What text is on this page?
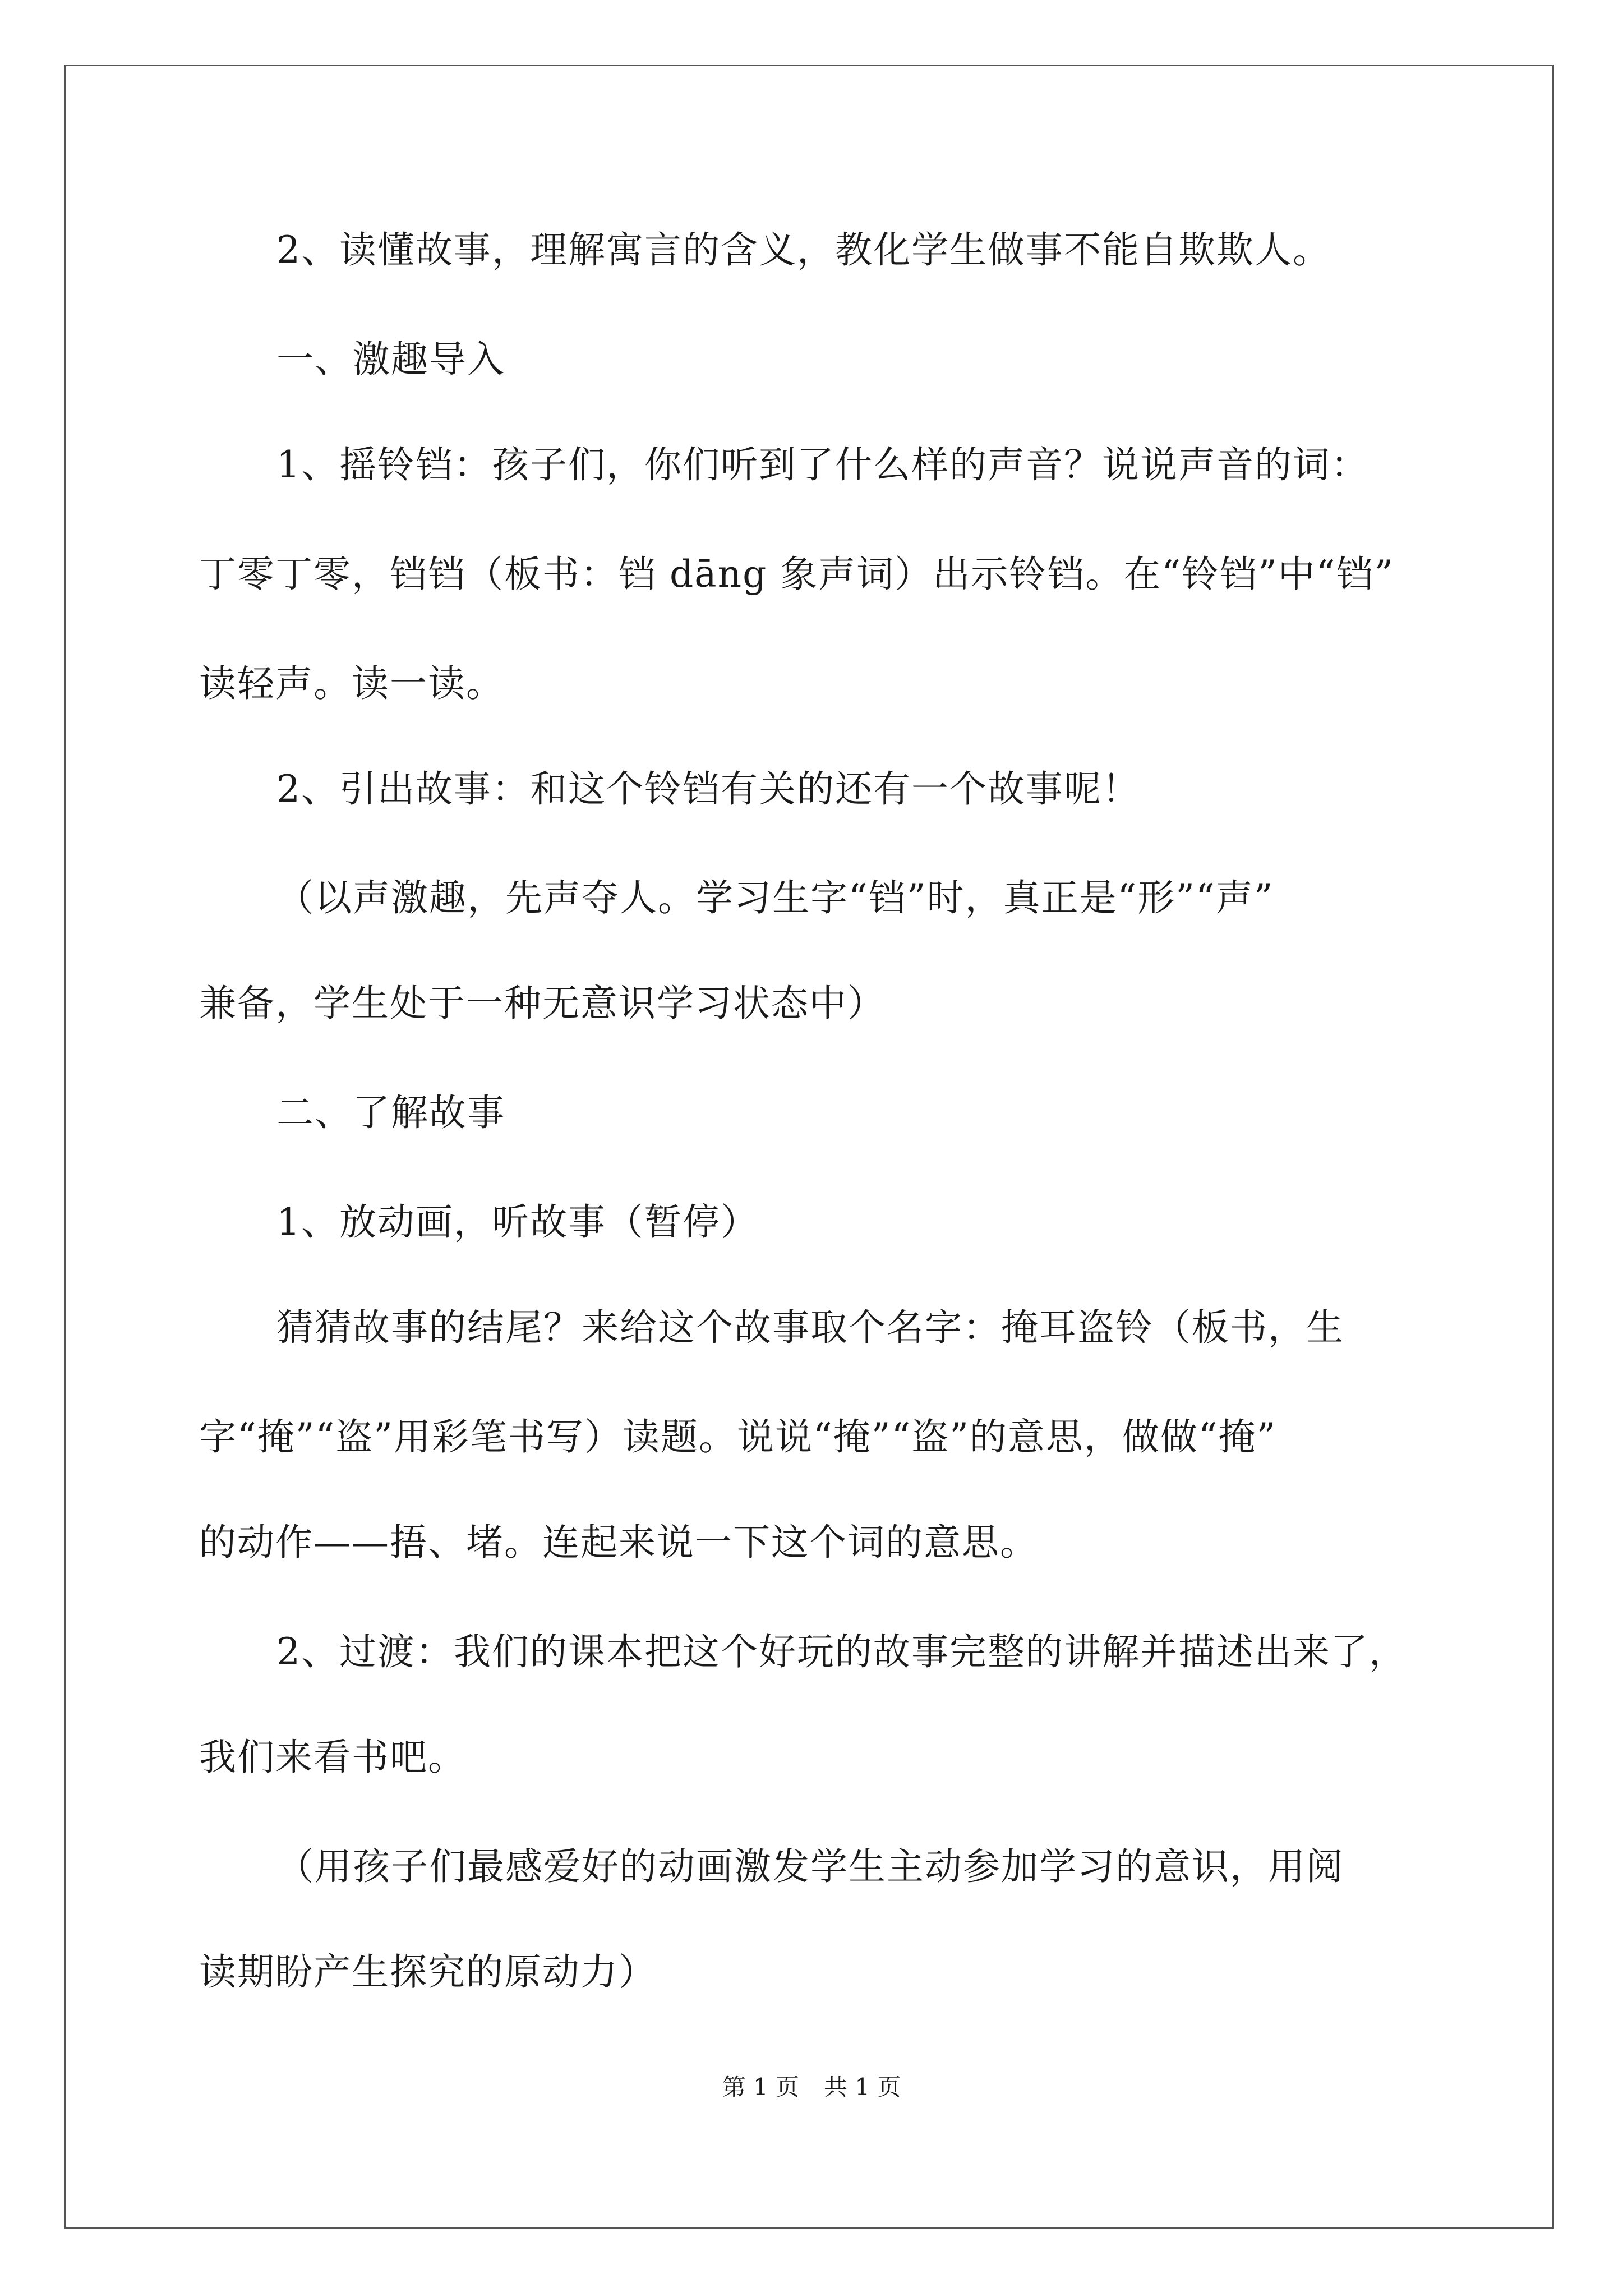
2、读懂故事，理解寓言的含义，教化学生做事不能自欺欺人。
一、激趣导入
1、摇铃铛：孩子们，你们听到了什么样的声音？说说声音的词：
丁零丁零，铛铛（板书：铛 dāng 象声词）出示铃铛。在“铃铛”中“铛”
读轻声。读一读。
2、引出故事：和这个铃铛有关的还有一个故事呢！
（以声激趣，先声夺人。学习生字“铛”时，真正是“形”“声”
兼备，学生处于一种无意识学习状态中）
二、了解故事
1、放动画，听故事（暂停）
猜猜故事的结尾？来给这个故事取个名字：掩耳盗铃（板书，生
字“掩”“盗”用彩笔书写）读题。说说“掩”“盗”的意思，做做“掩”
的动作——捂、堵。连起来说一下这个词的意思。
2、过渡：我们的课本把这个好玩的故事完整的讲解并描述出来了，
我们来看书吧。
（用孩子们最感爱好的动画激发学生主动参加学习的意识，用阅
读期盼产生探究的原动力）
第 1 页 共 1 页
